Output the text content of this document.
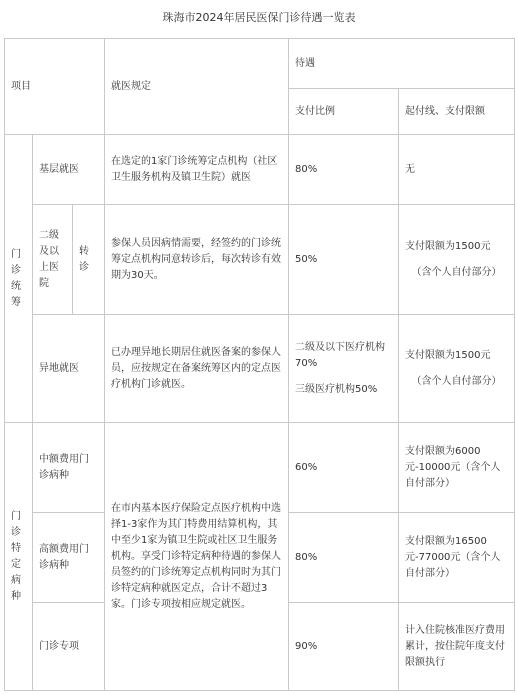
珠海市2024年居民医保门诊待遇一览表
项目			就医规定	待遇	
				支付比例	起付线、支付限额
门诊统筹	基层就医		在选定的1家门诊统筹定点机构（社区卫生服务机构及镇卫生院）就医	80%	无
	二级及以上医院	转诊	参保人员因病情需要，经签约的门诊统筹定点机构同意转诊后，每次转诊有效期为30天。	50%	支付限额为1500元
（含个人自付部分）

	异地就医		已办理异地长期居住就医备案的参保人员，应按规定在备案统筹区内的定点医疗机构门诊就医。	二级及以下医疗机构70%
三级医疗机构50%	支付限额为1500元
（含个人自付部分）

门诊特定病种	中额费用门诊病种		在市内基本医疗保险定点医疗机构中选择1-3家作为其门特费用结算机构，其中至少1家为镇卫生院或社区卫生服务机构。享受门诊特定病种待遇的参保人员签约的门诊统筹定点机构同时为其门诊特定病种就医定点，合计不超过3家。门诊专项按相应规定就医。	60%	支付限额为6000元-10000元（含个人自付部分）
	高额费用门诊病种			80%	支付限额为16500元-77000元（含个人自付部分）
	门诊专项			90%	计入住院核准医疗费用累计，按住院年度支付限额执行
